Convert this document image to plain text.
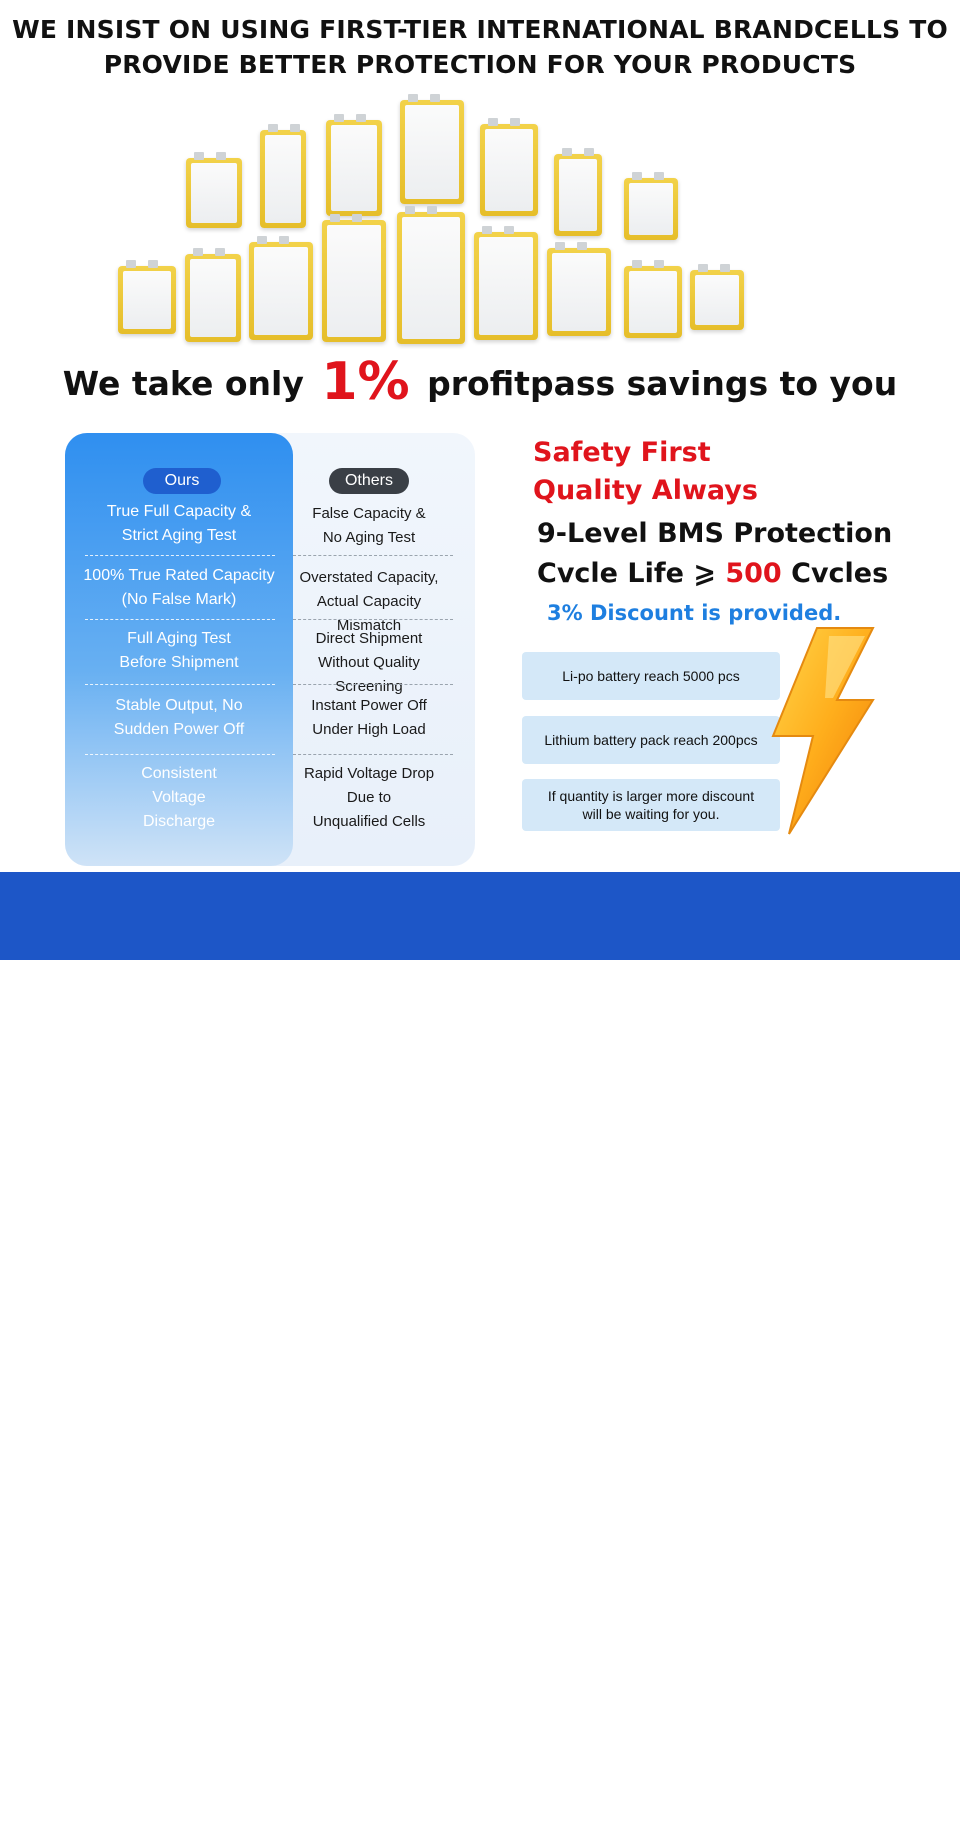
WE INSIST ON USING FIRST-TIER INTERNATIONAL BRANDCELLS TO
PROVIDE BETTER PROTECTION FOR YOUR PRODUCTS
We take only 1% profitpass savings to you
Ours	Others
True Full Capacity &
Strict Aging Test
False Capacity &
No Aging Test
100% True Rated Capacity
(No False Mark)
Overstated Capacity,
Actual Capacity Mismatch
Full Aging Test
Before Shipment
Direct Shipment
Without Quality Screening
Stable Output, No
Sudden Power Off
Instant Power Off
Under High Load
Consistent
Voltage
Discharge
Rapid Voltage Drop
Due to
Unqualified Cells
Safety First
Quality Always
9-Level BMS Protection
Cvcle Life ⩾ 500 Cvcles
3% Discount is provided.
Li-po battery reach 5000 pcs
Lithium battery pack reach 200pcs
If quantity is larger more discount
will be waiting for you.
3% POWER BANK REACHDISCOUNT IS
PROVIDED.
IF QUANTITY IS LARGER
MORE DISCOUNT WILL BE WAITING FOR YOU
